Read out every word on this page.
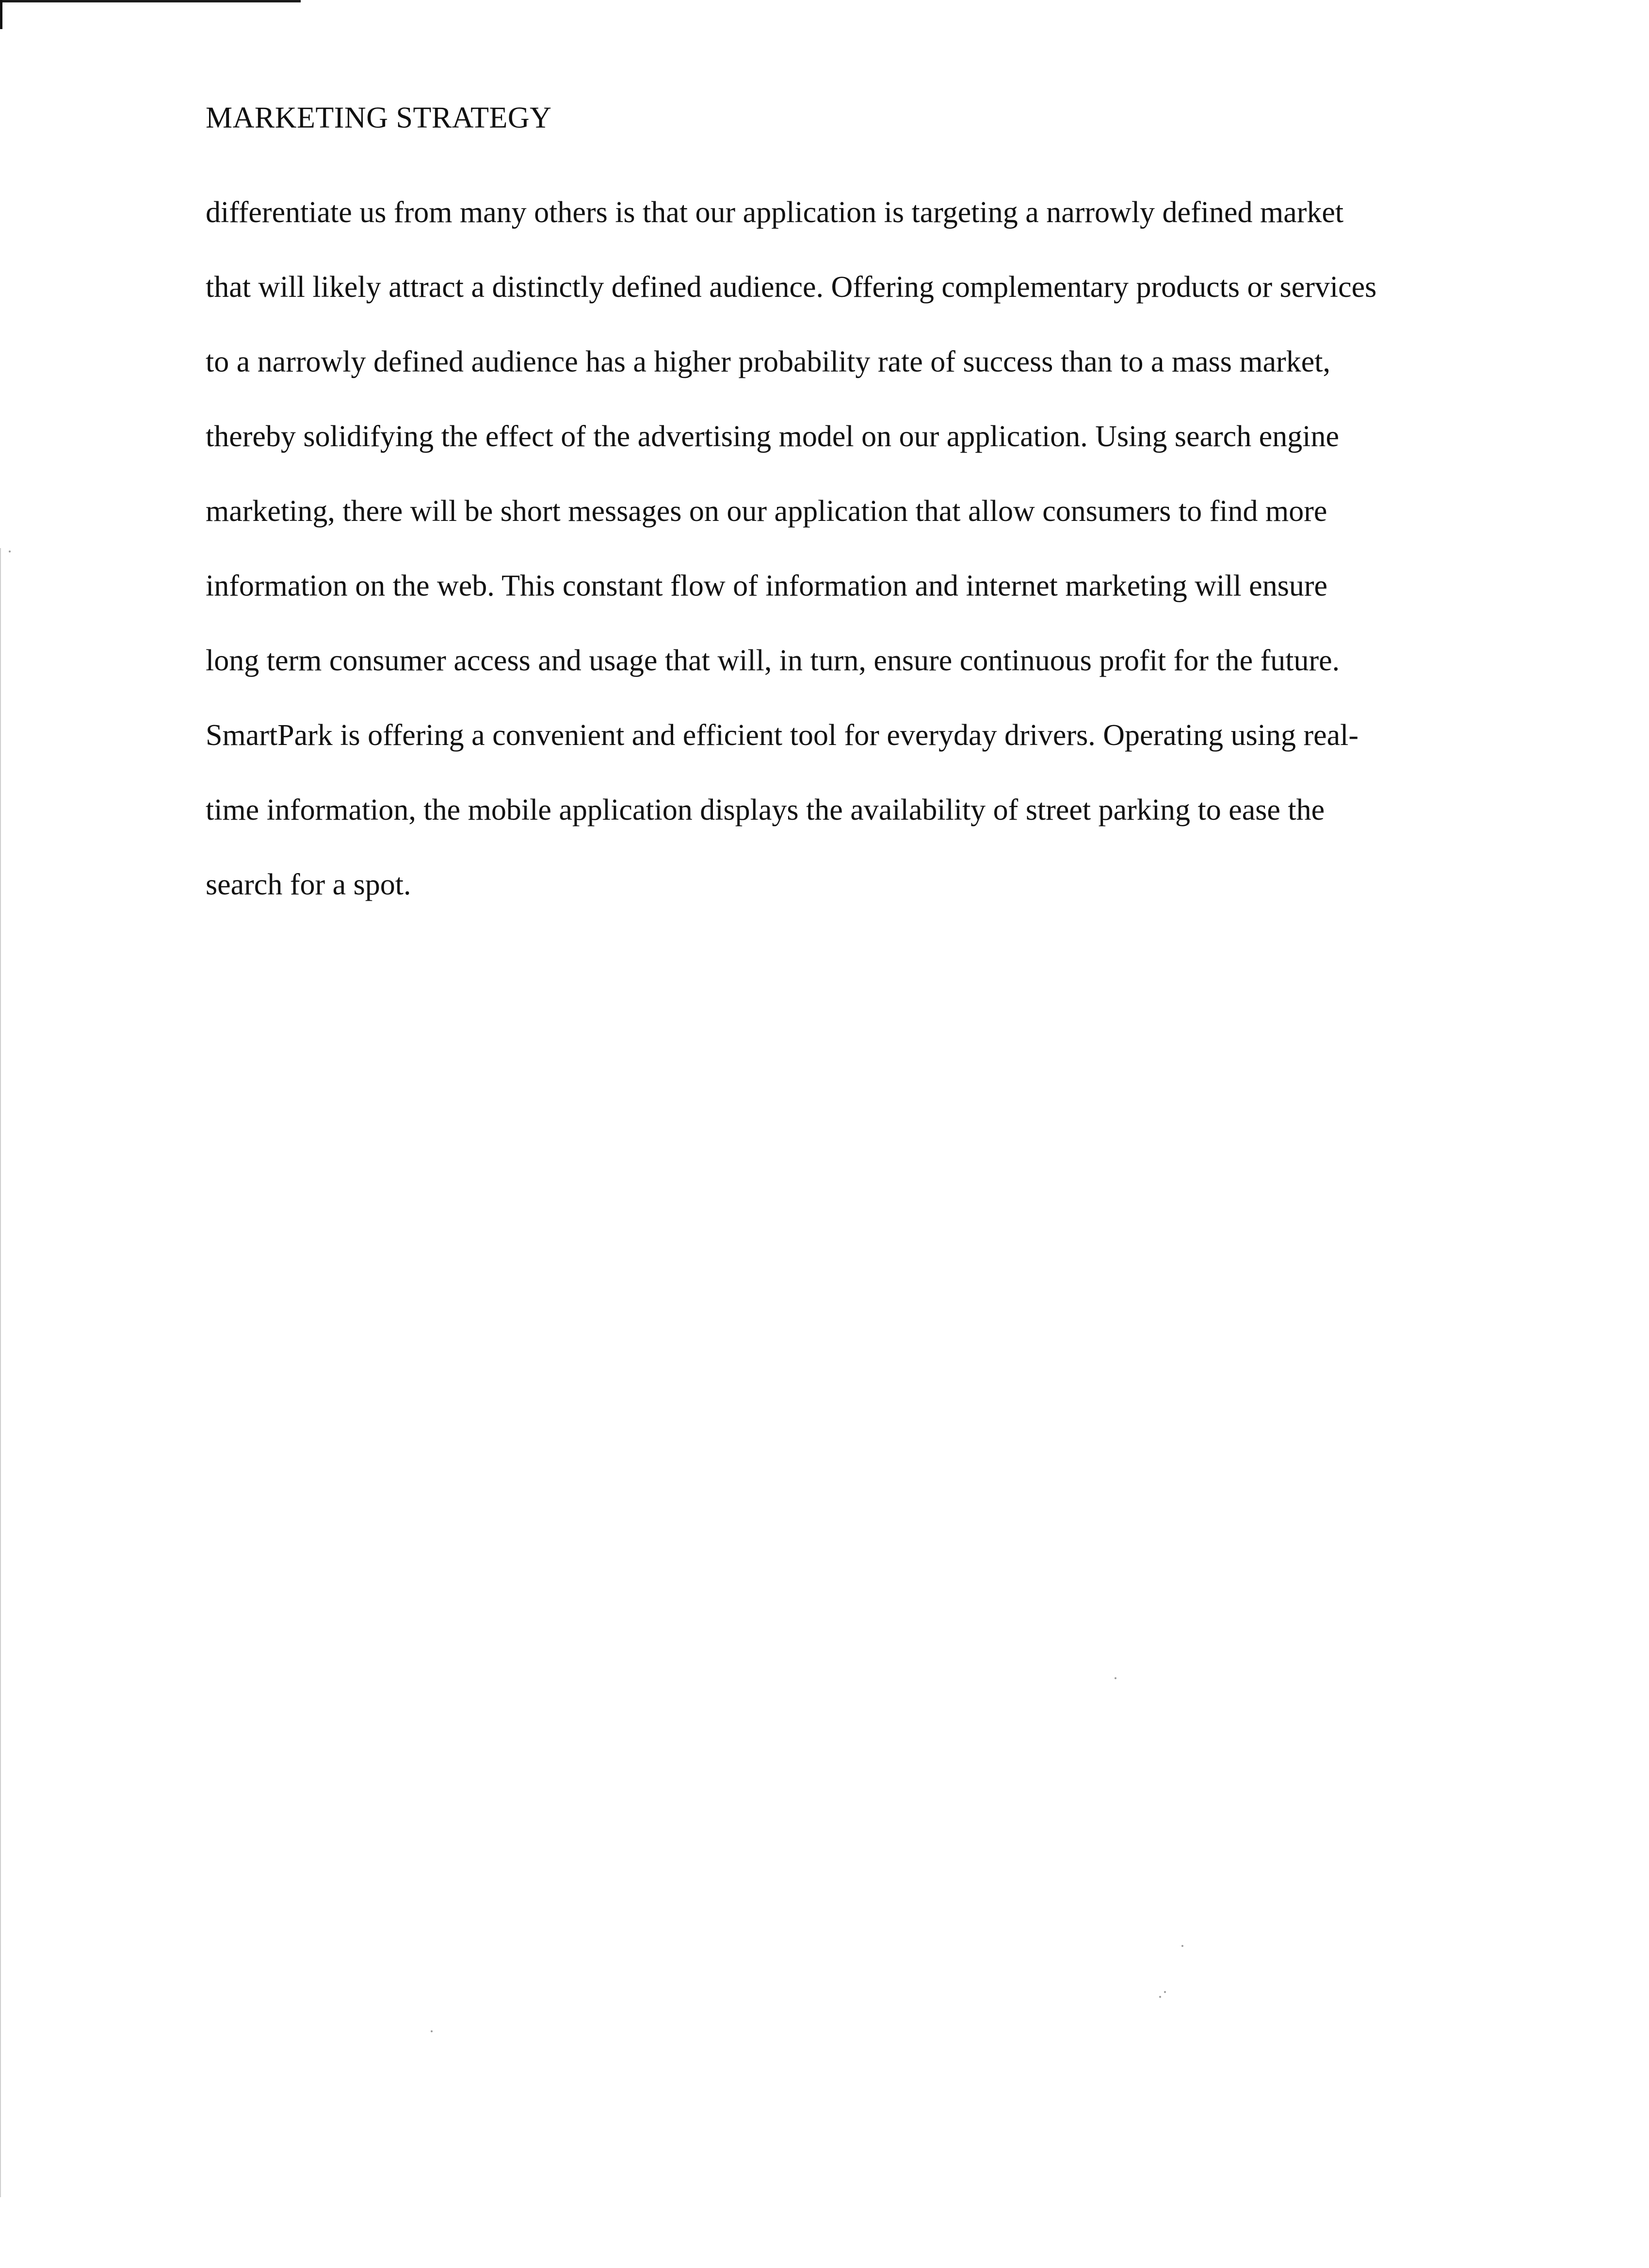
MARKETING STRATEGY
differentiate us from many others is that our application is targeting a narrowly defined market
that will likely attract a distinctly defined audience. Offering complementary products or services
to a narrowly defined audience has a higher probability rate of success than to a mass market,
thereby solidifying the effect of the advertising model on our application. Using search engine
marketing, there will be short messages on our application that allow consumers to find more
information on the web. This constant flow of information and internet marketing will ensure
long term consumer access and usage that will, in turn, ensure continuous profit for the future.
SmartPark is offering a convenient and efficient tool for everyday drivers. Operating using real-
time information, the mobile application displays the availability of street parking to ease the
search for a spot.
